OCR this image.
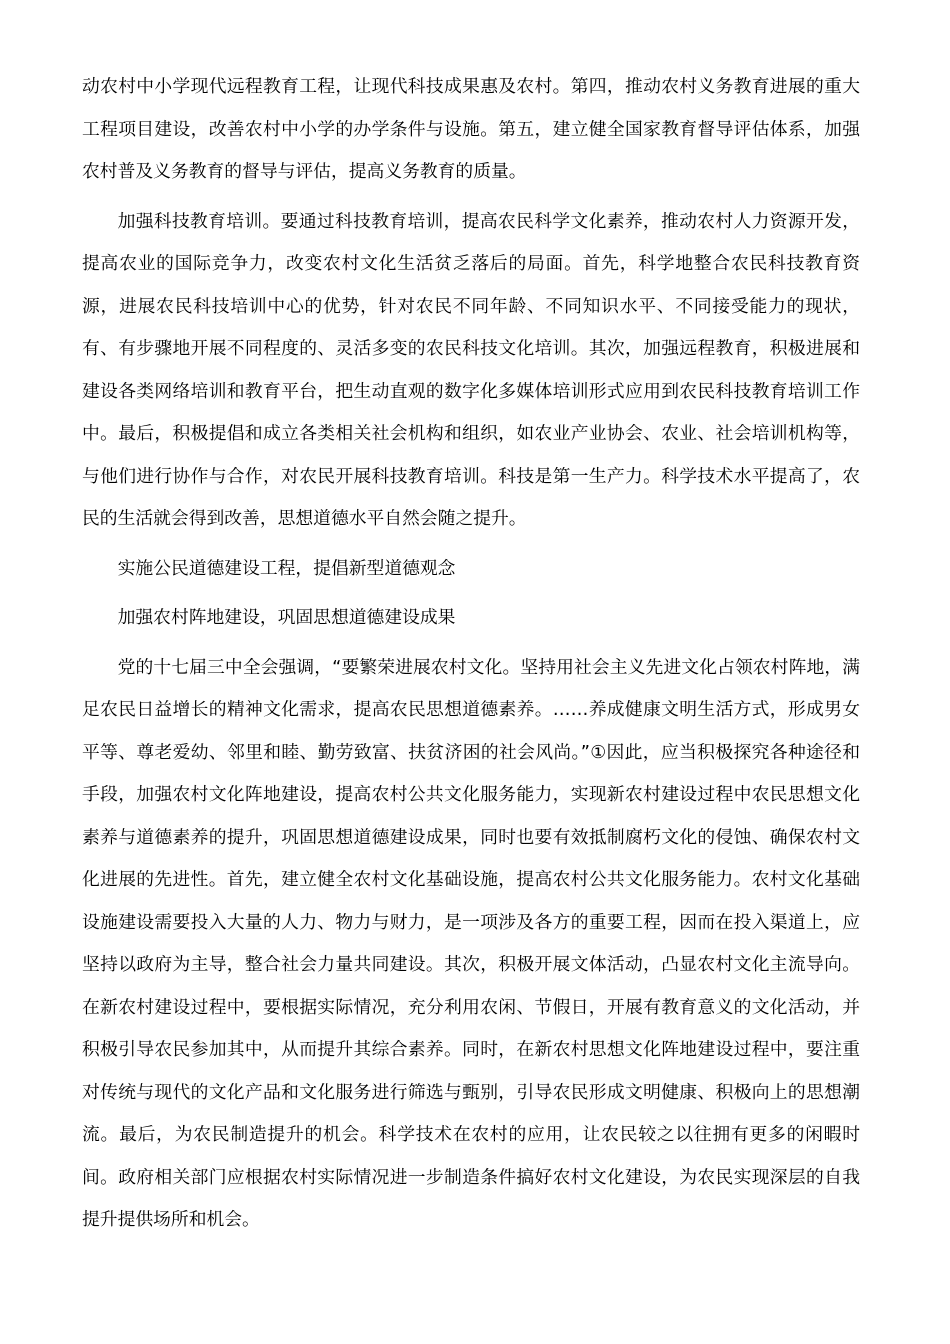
动农村中小学现代远程教育工程，让现代科技成果惠及农村。第四，推动农村义务教育进展的重大工程项目建设，改善农村中小学的办学条件与设施。第五，建立健全国家教育督导评估体系，加强农村普及义务教育的督导与评估，提高义务教育的质量。

加强科技教育培训。要通过科技教育培训，提高农民科学文化素养，推动农村人力资源开发，提高农业的国际竞争力，改变农村文化生活贫乏落后的局面。首先，科学地整合农民科技教育资源，进展农民科技培训中心的优势，针对农民不同年龄、不同知识水平、不同接受能力的现状，有、有步骤地开展不同程度的、灵活多变的农民科技文化培训。其次，加强远程教育，积极进展和建设各类网络培训和教育平台，把生动直观的数字化多媒体培训形式应用到农民科技教育培训工作中。最后，积极提倡和成立各类相关社会机构和组织，如农业产业协会、农业、社会培训机构等，与他们进行协作与合作，对农民开展科技教育培训。科技是第一生产力。科学技术水平提高了，农民的生活就会得到改善，思想道德水平自然会随之提升。

实施公民道德建设工程，提倡新型道德观念

加强农村阵地建设，巩固思想道德建设成果

党的十七届三中全会强调，“要繁荣进展农村文化。坚持用社会主义先进文化占领农村阵地，满足农民日益增长的精神文化需求，提高农民思想道德素养。……养成健康文明生活方式，形成男女平等、尊老爱幼、邻里和睦、勤劳致富、扶贫济困的社会风尚。”①因此，应当积极探究各种途径和手段，加强农村文化阵地建设，提高农村公共文化服务能力，实现新农村建设过程中农民思想文化素养与道德素养的提升，巩固思想道德建设成果，同时也要有效抵制腐朽文化的侵蚀、确保农村文化进展的先进性。首先，建立健全农村文化基础设施，提高农村公共文化服务能力。农村文化基础设施建设需要投入大量的人力、物力与财力，是一项涉及各方的重要工程，因而在投入渠道上，应坚持以政府为主导，整合社会力量共同建设。其次，积极开展文体活动，凸显农村文化主流导向。在新农村建设过程中，要根据实际情况，充分利用农闲、节假日，开展有教育意义的文化活动，并积极引导农民参加其中，从而提升其综合素养。同时，在新农村思想文化阵地建设过程中，要注重对传统与现代的文化产品和文化服务进行筛选与甄别，引导农民形成文明健康、积极向上的思想潮流。最后，为农民制造提升的机会。科学技术在农村的应用，让农民较之以往拥有更多的闲暇时间。政府相关部门应根据农村实际情况进一步制造条件搞好农村文化建设，为农民实现深层的自我提升提供场所和机会。
